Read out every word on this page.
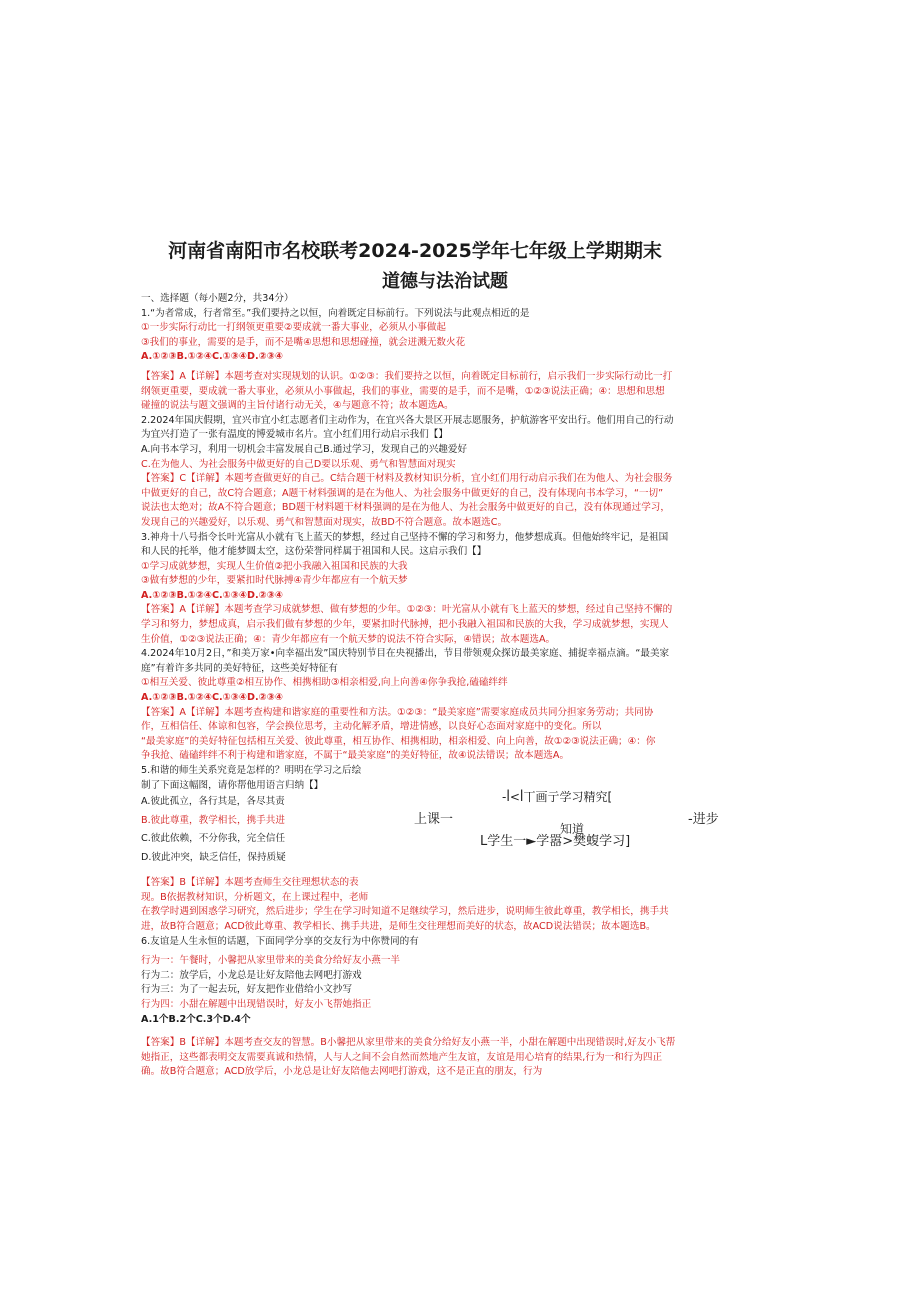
河南省南阳市名校联考2024-2025学年七年级上学期期末
道德与法治试题
一、选择题（每小题2分，共34分）
1.“为者常成，行者常至。”我们要持之以恒，向着既定目标前行。下列说法与此观点相近的是
①一步实际行动比一打纲领更重要②要成就一番大事业，必须从小事做起
③我们的事业，需要的是手，而不是嘴④思想和思想碰撞，就会迸溅无数火花
A.①②③B.①②④C.①③④D.②③④
【答案】A【详解】本题考查对实现规划的认识。①②③：我们要持之以恒，向着既定目标前行，启示我们一步实际行动比一打
纲领更重要，要成就一番大事业，必须从小事做起，我们的事业，需要的是手，而不是嘴，①②③说法正确；④：思想和思想
碰撞的说法与题文强调的主旨付诸行动无关，④与题意不符；故本题选A。
2.2024年国庆假期，宜兴市宜小红志愿者们主动作为，在宜兴各大景区开展志愿服务，护航游客平安出行。他们用自己的行动
为宜兴打造了一张有温度的博爱城市名片。宜小红们用行动启示我们【】
A.向书本学习，利用一切机会丰富发展自己B.通过学习，发现自己的兴趣爱好
C.在为他人、为社会服务中做更好的自己D要以乐观、勇气和智慧面对现实
【答案】C【详解】本题考查做更好的自己。C结合题干材料及教材知识分析，宜小红们用行动启示我们在为他人、为社会服务
中做更好的自己，故C符合题意；A题干材料强调的是在为他人、为社会服务中做更好的自己，没有体现向书本学习，“一切”
说法也太绝对；故A不符合题意；BD题干材料题干材料强调的是在为他人、为社会服务中做更好的自己，没有体现通过学习，
发现自己的兴趣爱好，以乐观、勇气和智慧面对现实，故BD不符合题意。故本题选C。
3.神舟十八号指令长叶光富从小就有飞上蓝天的梦想，经过自己坚持不懈的学习和努力，他梦想成真。但他始终牢记，是祖国
和人民的托举，他才能梦圆太空，这份荣誉同样属于祖国和人民。这启示我们【】
①学习成就梦想，实现人生价值②把小我融入祖国和民族的大我
③做有梦想的少年，要紧扣时代脉搏④青少年都应有一个航天梦
A.①②③B.①②④C.①③④D.②③④
【答案】A【详解】本题考查学习成就梦想、做有梦想的少年。①②③：叶光富从小就有飞上蓝天的梦想，经过自己坚持不懈的
学习和努力，梦想成真，启示我们做有梦想的少年，要紧扣时代脉搏，把小我融入祖国和民族的大我，学习成就梦想，实现人
生价值，①②③说法正确；④：青少年都应有一个航天梦的说法不符合实际，④错误；故本题选A。
4.2024年10月2日，”和美万家•向幸福出发”国庆特别节目在央视播出，节目带领观众探访最美家庭、捕捉幸福点滴。“最美家
庭”有着许多共同的美好特征，这些美好特征有
①相互关爱、彼此尊重②相互协作、相携相助③相亲相爱,向上向善④你争我抢,磕磕绊绊
A.①②③B.①②④C.①③④D.②③④
【答案】A【详解】本题考查构建和谐家庭的重要性和方法。①②③：“最美家庭”需要家庭成员共同分担家务劳动；共同协
作，互相信任、体谅和包容，学会换位思考，主动化解矛盾，增进情感，以良好心态面对家庭中的变化。所以
“最美家庭”的美好特征包括相互关爱、彼此尊重，相互协作、相携相助，相亲相爱、向上向善，故①②③说法正确；④：你
争我抢、磕磕绊绊不利于构建和谐家庭，不属于“最美家庭”的美好特征，故④说法错误；故本题选A。
5.和谐的师生关系究竟是怎样的？明明在学习之后绘
制了下面这幅图，请你帮他用语言归纳【】
A.彼此孤立，各行其是，各尽其责
B.彼此尊重，教学相长，携手共进
C.彼此依赖，不分你我，完全信任
D.彼此冲突，缺乏信任，保持质疑
【答案】B【详解】本题考查师生交往理想状态的表
现。B依据教材知识，分析题文，在上课过程中，老师
在教学时遇到困惑学习研究，然后进步；学生在学习时知道不足继续学习，然后进步，说明师生彼此尊重，教学相长，携手共
进，故B符合题意；ACD彼此尊重、教学相长、携手共进，是师生交往理想而美好的状态，故ACD说法错误；故本题选B。
6.友谊是人生永恒的话题，下面同学分享的交友行为中你赞同的有
行为一：午餐时，小馨把从家里带来的美食分给好友小燕一半
行为二：放学后，小龙总是让好友陪他去网吧打游戏
行为三：为了一起去玩，好友把作业借给小文抄写
行为四：小甜在解题中出现错误时，好友小飞帮她指正
A.1个B.2个C.3个D.4个
【答案】B【详解】本题考查交友的智慧。B小馨把从家里带来的美食分给好友小燕一半，小甜在解题中出现错误时,好友小飞帮
她指正，这些都表明交友需要真诚和热情，人与人之间不会自然而然地产生友谊，友谊是用心培育的结果,行为一和行为四正
确。故B符合题意；ACD放学后，小龙总是让好友陪他去网吧打游戏，这不是正直的朋友，行为
-ꟾ<ꟾ丅画亍学习精究[
上课一
知道
-进步
L学生一►学嚣>樊蝮学习]
